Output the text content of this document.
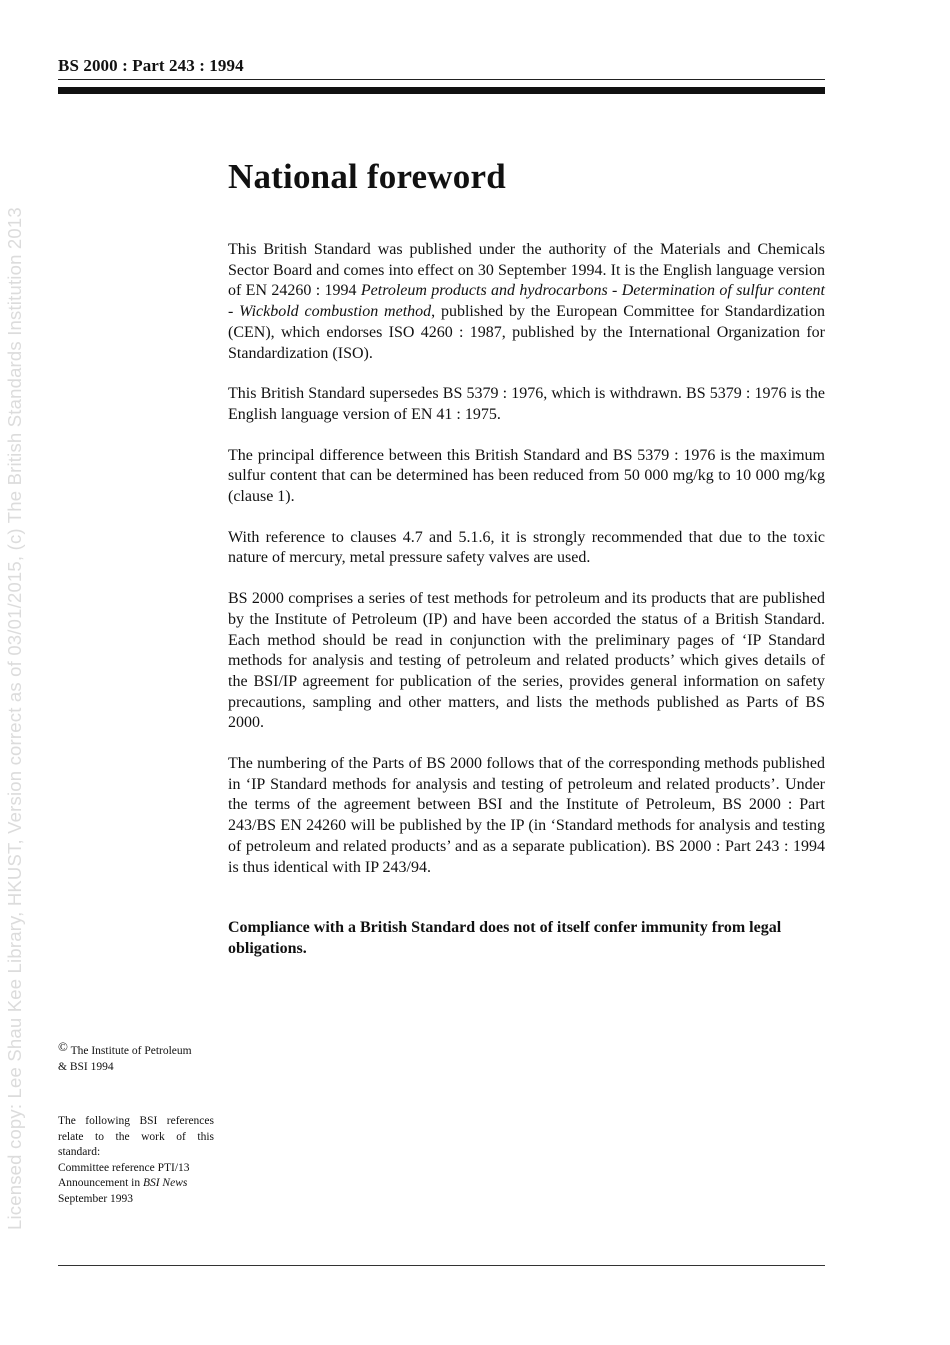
BS 2000 : Part 243 : 1994
Licensed copy: Lee Shau Kee Library, HKUST, Version correct as of 03/01/2015, (c) The British Standards Institution 2013
National foreword

This British Standard was published under the authority of the Materials and Chemicals Sector Board and comes into effect on 30 September 1994. It is the English language version of EN 24260 : 1994 Petroleum products and hydrocarbons - Determination of sulfur content - Wickbold combustion method, published by the European Committee for Standardization (CEN), which endorses ISO 4260 : 1987, published by the International Organization for Standardization (ISO).

This British Standard supersedes BS 5379 : 1976, which is withdrawn. BS 5379 : 1976 is the English language version of EN 41 : 1975.

The principal difference between this British Standard and BS 5379 : 1976 is the maximum sulfur content that can be determined has been reduced from 50 000 mg/kg to 10 000 mg/kg (clause 1).

With reference to clauses 4.7 and 5.1.6, it is strongly recommended that due to the toxic nature of mercury, metal pressure safety valves are used.

BS 2000 comprises a series of test methods for petroleum and its products that are published by the Institute of Petroleum (IP) and have been accorded the status of a British Standard. Each method should be read in conjunction with the preliminary pages of ‘IP Standard methods for analysis and testing of petroleum and related products’ which gives details of the BSI/IP agreement for publication of the series, provides general information on safety precautions, sampling and other matters, and lists the methods published as Parts of BS 2000.

The numbering of the Parts of BS 2000 follows that of the corresponding methods published in ‘IP Standard methods for analysis and testing of petroleum and related products’. Under the terms of the agreement between BSI and the Institute of Petroleum, BS 2000 : Part 243/BS EN 24260 will be published by the IP (in ‘Standard methods for analysis and testing of petroleum and related products’ and as a separate publication). BS 2000 : Part 243 : 1994 is thus identical with IP 243/94.

Compliance with a British Standard does not of itself confer immunity from legal obligations.

© The Institute of Petroleum
& BSI 1994
The following BSI references relate to the work of this standard:
Committee reference PTI/13
Announcement in BSI News
September 1993
